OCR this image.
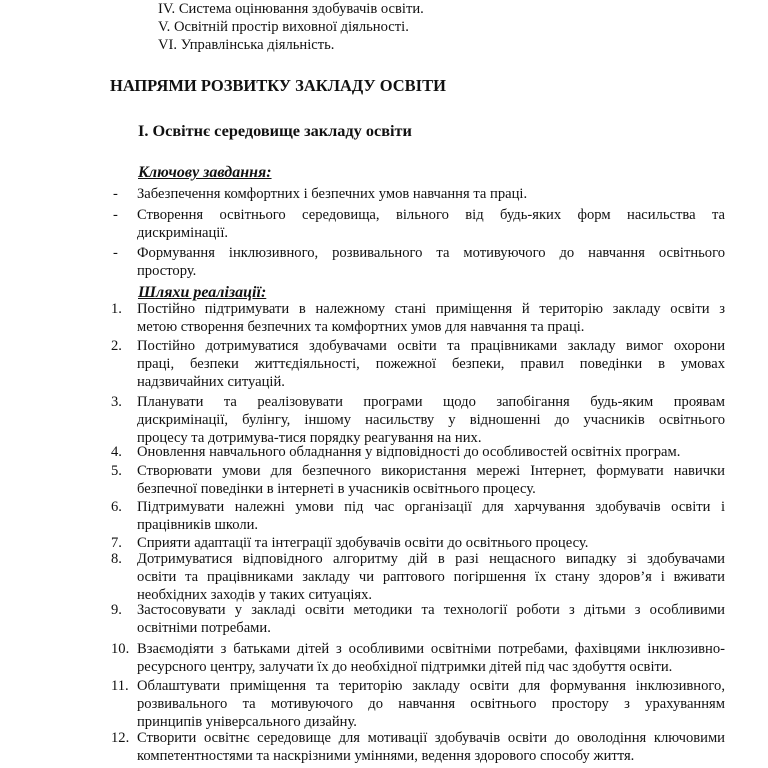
IV. Система оцінювання здобувачів освіти.
V. Освітній простір виховної діяльності.
VI. Управлінська діяльність.
НАПРЯМИ РОЗВИТКУ ЗАКЛАДУ ОСВІТИ
І. Освітнє середовище закладу освіти
Ключову завдання:
-	Забезпечення комфортних і безпечних умов навчання та праці.
-	Створення освітнього середовища, вільного від будь-яких форм насильства та
дискримінації.
-	Формування інклюзивного, розвивального та мотивуючого до навчання освітнього
простору.
Шляхи реалізації:
1.	Постійно підтримувати в належному стані приміщення й територію закладу освіти з
метою створення безпечних та комфортних умов для навчання та праці.
2.	Постійно дотримуватися здобувачами освіти та працівниками закладу вимог охорони
праці, безпеки життєдіяльності, пожежної безпеки, правил поведінки в умовах
надзвичайних ситуацій.
3.	Планувати та реалізовувати програми щодо запобігання будь-яким проявам
дискримінації, булінгу, іншому насильству у відношенні до учасників освітнього
процесу та дотримува-тися порядку реагування на них.
4.	Оновлення навчального обладнання у відповідності до особливостей освітніх програм.
5.	Створювати умови для безпечного використання мережі Інтернет, формувати навички
безпечної поведінки в інтернеті в учасників освітнього процесу.
6.	Підтримувати належні умови під час організації для харчування здобувачів освіти і
працівників школи.
7.	Сприяти адаптації та інтеграції здобувачів освіти до освітнього процесу.
8.	Дотримуватися відповідного алгоритму дій в разі нещасного випадку зі здобувачами
освіти та працівниками закладу чи раптового погіршення їх стану здоров’я і вживати
необхідних заходів у таких ситуаціях.
9.	Застосовувати у закладі освіти методики та технології роботи з дітьми з особливими
освітніми потребами.
10. Взаємодіяти з батьками дітей з особливими освітніми потребами, фахівцями інклюзивно-
ресурсного центру, залучати їх до необхідної підтримки дітей під час здобуття освіти.
11. Облаштувати приміщення та територію закладу освіти для формування інклюзивного,
розвивального та мотивуючого до навчання освітнього простору з урахуванням
принципів універсального дизайну.
12. Створити освітнє середовище для мотивації здобувачів освіти до оволодіння ключовими
компетентностями та наскрізними уміннями, ведення здорового способу життя.
